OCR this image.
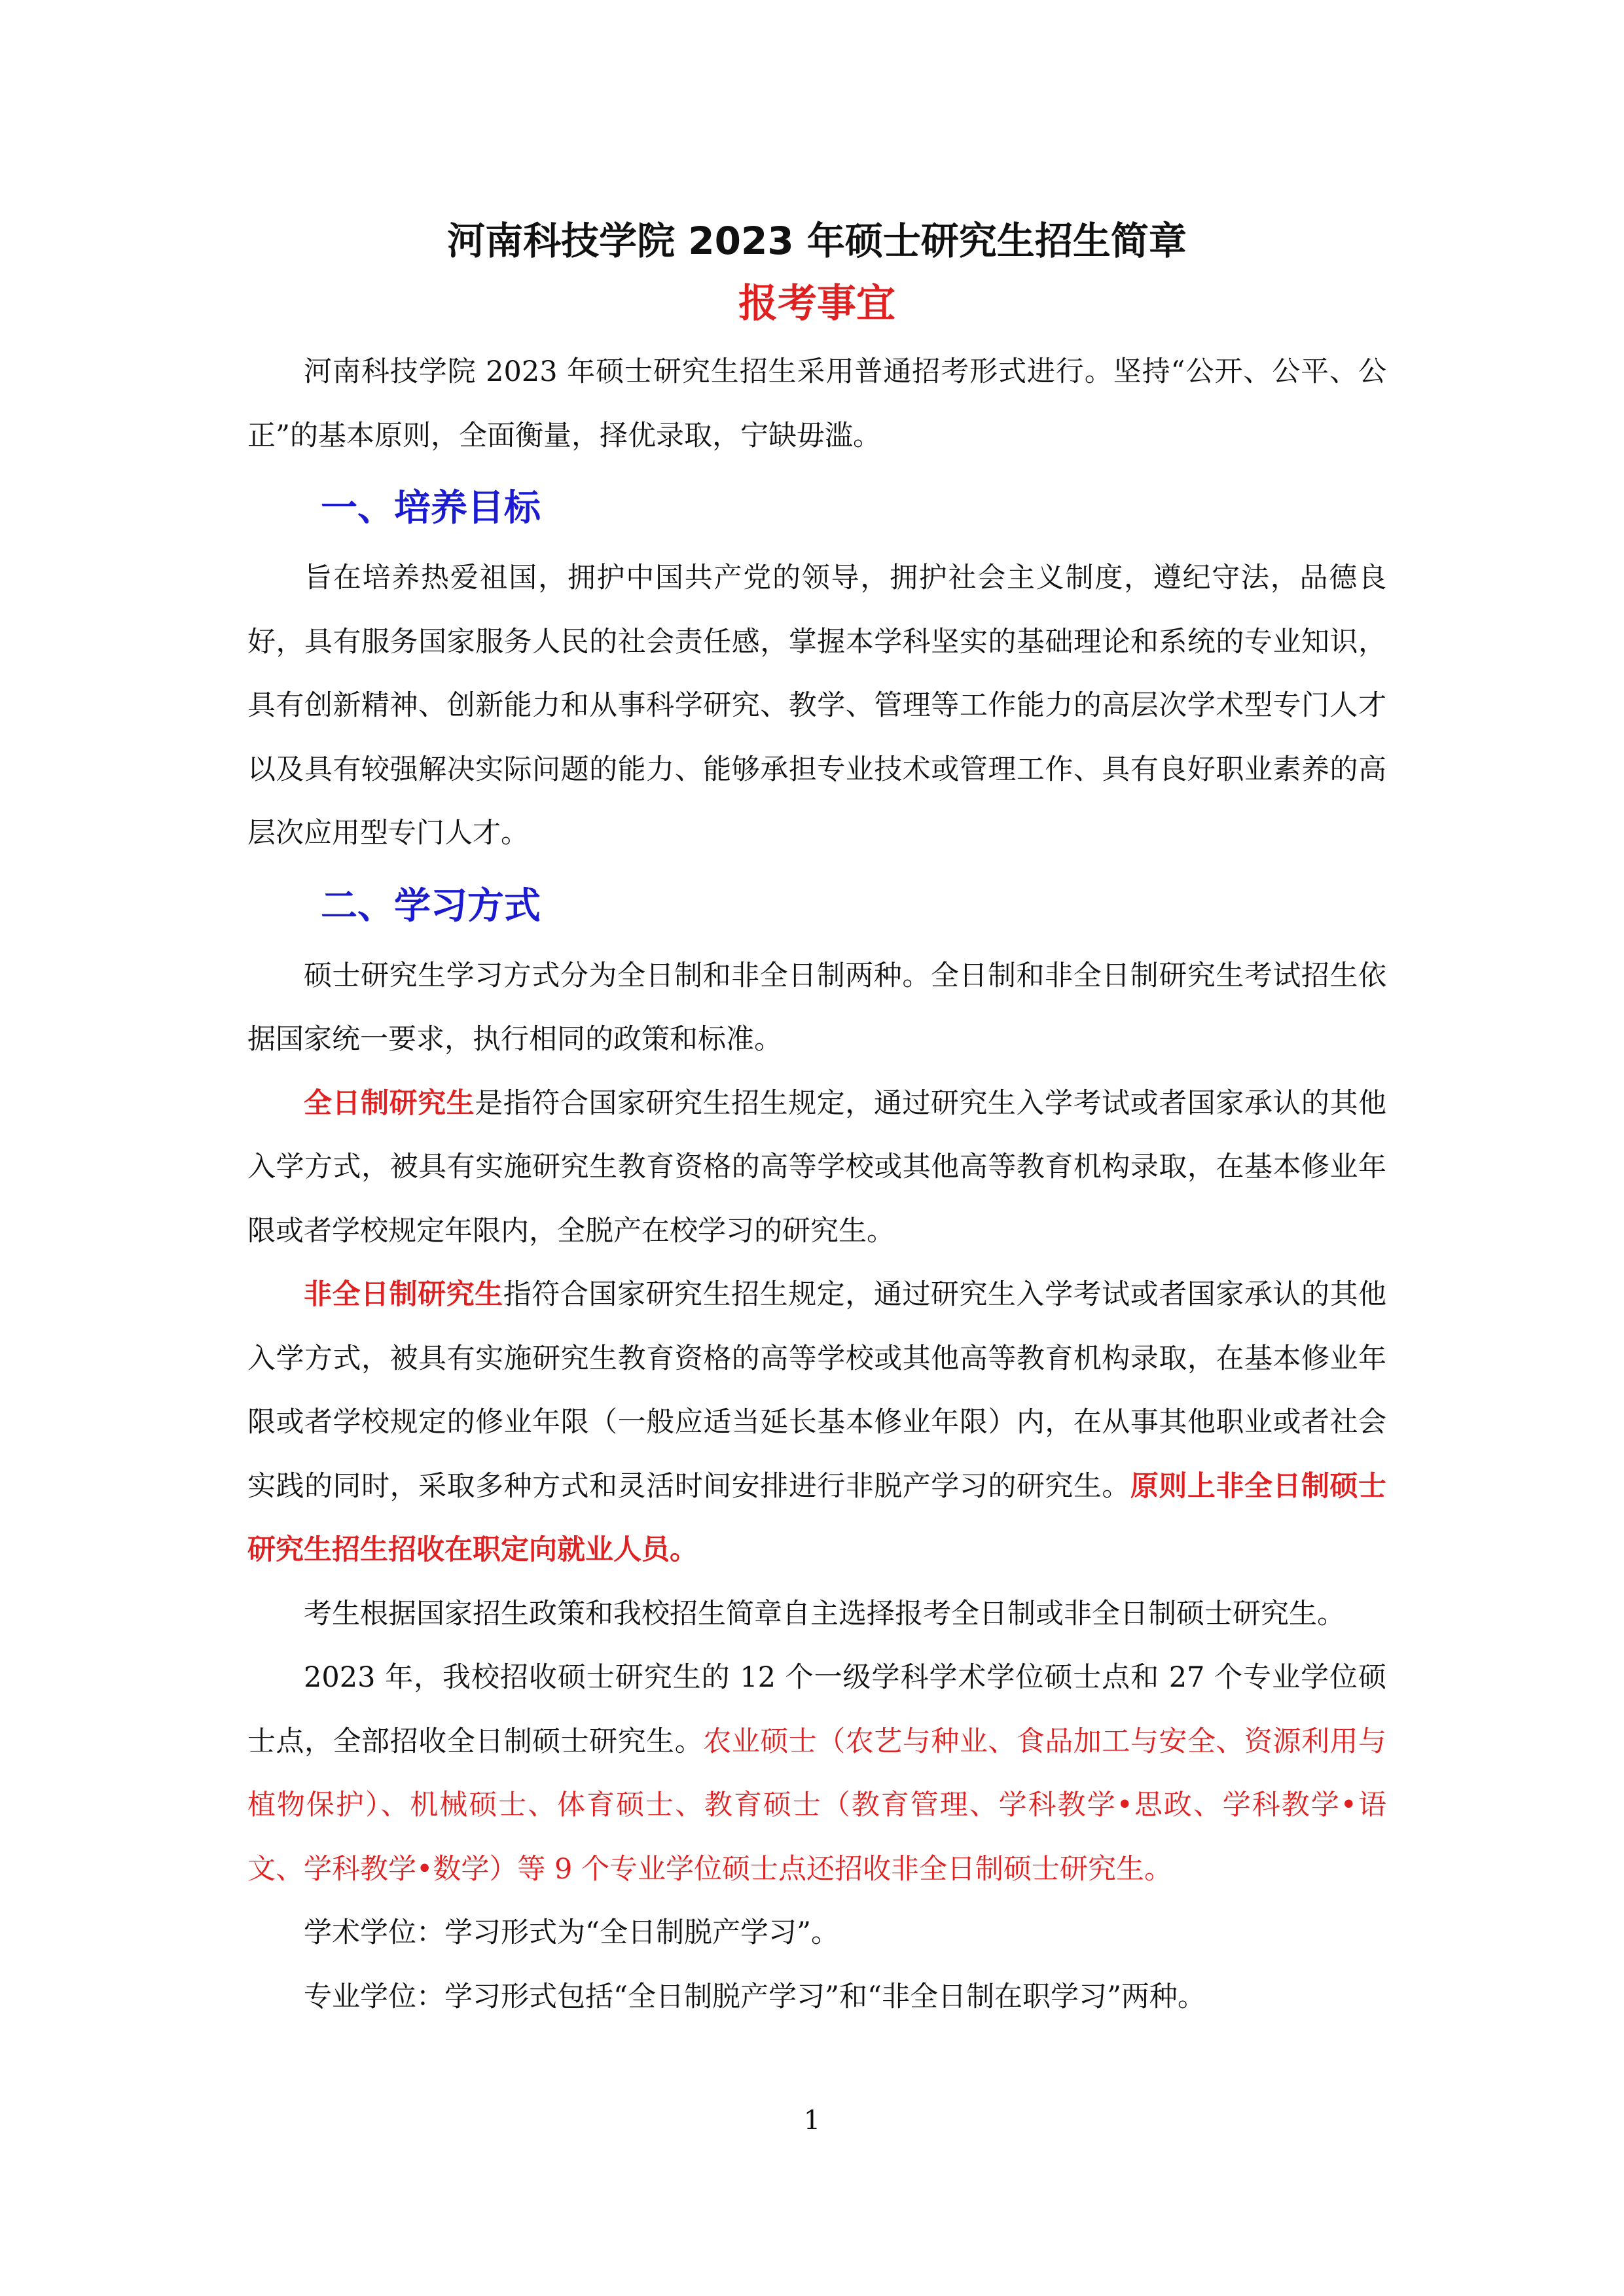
河南科技学院 2023 年硕士研究生招生简章
报考事宜

河南科技学院 2023 年硕士研究生招生采用普通招考形式进行。坚持“公开、公平、公正”的基本原则，全面衡量，择优录取，宁缺毋滥。

一、培养目标

旨在培养热爱祖国，拥护中国共产党的领导，拥护社会主义制度，遵纪守法，品德良好，具有服务国家服务人民的社会责任感，掌握本学科坚实的基础理论和系统的专业知识，具有创新精神、创新能力和从事科学研究、教学、管理等工作能力的高层次学术型专门人才以及具有较强解决实际问题的能力、能够承担专业技术或管理工作、具有良好职业素养的高层次应用型专门人才。

二、学习方式

硕士研究生学习方式分为全日制和非全日制两种。全日制和非全日制研究生考试招生依据国家统一要求，执行相同的政策和标准。

全日制研究生是指符合国家研究生招生规定，通过研究生入学考试或者国家承认的其他入学方式，被具有实施研究生教育资格的高等学校或其他高等教育机构录取，在基本修业年限或者学校规定年限内，全脱产在校学习的研究生。

非全日制研究生指符合国家研究生招生规定，通过研究生入学考试或者国家承认的其他入学方式，被具有实施研究生教育资格的高等学校或其他高等教育机构录取，在基本修业年限或者学校规定的修业年限（一般应适当延长基本修业年限）内，在从事其他职业或者社会实践的同时，采取多种方式和灵活时间安排进行非脱产学习的研究生。原则上非全日制硕士研究生招生招收在职定向就业人员。

考生根据国家招生政策和我校招生简章自主选择报考全日制或非全日制硕士研究生。

2023 年，我校招收硕士研究生的 12 个一级学科学术学位硕士点和 27 个专业学位硕士点，全部招收全日制硕士研究生。农业硕士（农艺与种业、食品加工与安全、资源利用与植物保护）、机械硕士、体育硕士、教育硕士（教育管理、学科教学•思政、学科教学•语文、学科教学•数学）等 9 个专业学位硕士点还招收非全日制硕士研究生。

学术学位：学习形式为“全日制脱产学习”。

专业学位：学习形式包括“全日制脱产学习”和“非全日制在职学习”两种。

1
